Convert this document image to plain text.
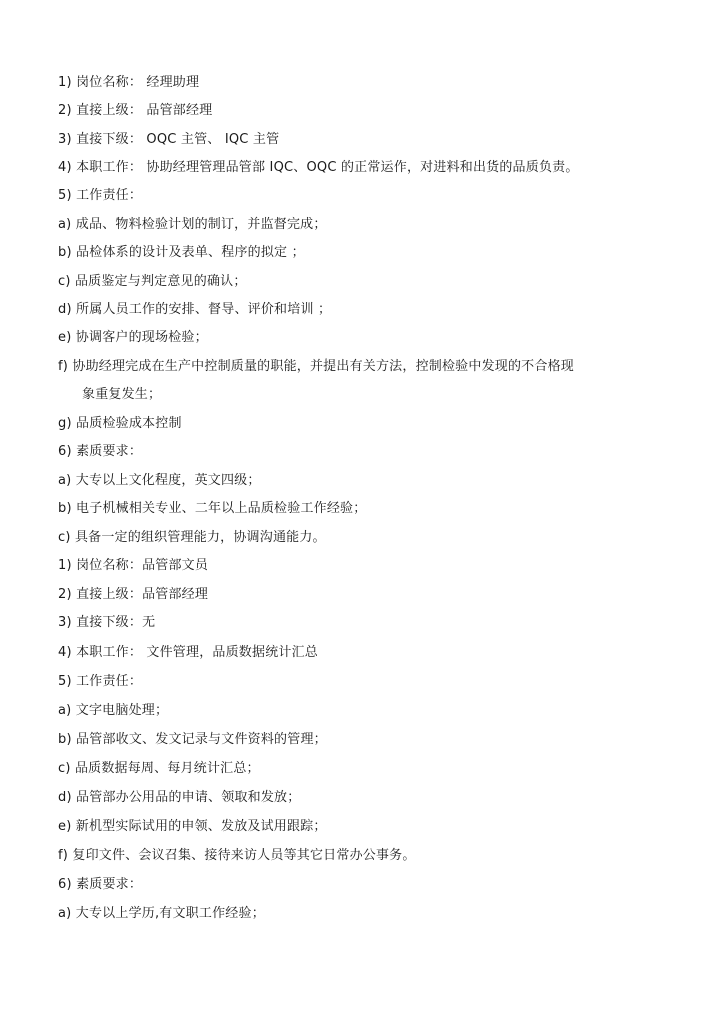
1) 岗位名称： 经理助理
2) 直接上级： 品管部经理
3) 直接下级： OQC 主管、 IQC 主管
4) 本职工作： 协助经理管理品管部 IQC、OQC 的正常运作，对进料和出货的品质负责。
5) 工作责任：
a) 成品、物料检验计划的制订，并监督完成；
b) 品检体系的设计及表单、程序的拟定 ；
c) 品质鉴定与判定意见的确认；
d) 所属人员工作的安排、督导、评价和培训 ；
e) 协调客户的现场检验；
f) 协助经理完成在生产中控制质量的职能，并提出有关方法，控制检验中发现的不合格现
象重复发生；
g) 品质检验成本控制
6) 素质要求：
a) 大专以上文化程度，英文四级；
b) 电子机械相关专业、二年以上品质检验工作经验；
c) 具备一定的组织管理能力，协调沟通能力。
1) 岗位名称：品管部文员
2) 直接上级：品管部经理
3) 直接下级：无
4) 本职工作： 文件管理，品质数据统计汇总
5) 工作责任：
a) 文字电脑处理；
b) 品管部收文、发文记录与文件资料的管理；
c) 品质数据每周、每月统计汇总；
d) 品管部办公用品的申请、领取和发放；
e) 新机型实际试用的申领、发放及试用跟踪；
f) 复印文件、会议召集、接待来访人员等其它日常办公事务。
6) 素质要求：
a) 大专以上学历,有文职工作经验；
